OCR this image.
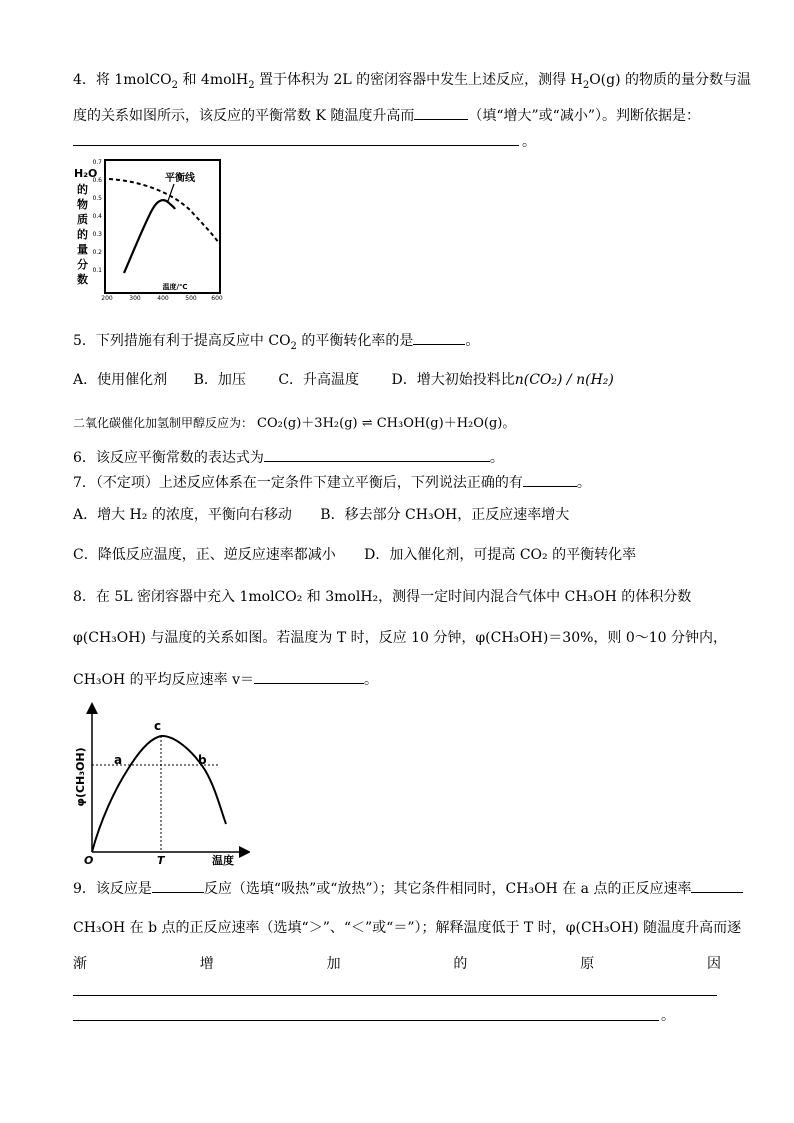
4．将 1molCO$_2$ 和 4molH$_2$ 置于体积为 2L 的密闭容器中发生上述反应，测得 $H_2O(g)$ 的物质的量分数与温
度的关系如图所示，该反应的平衡常数 K 随温度升高而	（填“增大”或“减小”）。判断依据是：
。
H₂O
的
物
质
的
量
分
数
0.7
0.6
0.5
0.4
0.3
0.2
0.1
200	300	400	500 600
温度/℃
平衡线
5．下列措施有利于提高反应中 $CO_2$ 的平衡转化率的是	。
A．使用催化剂 B．加压 C．升高温度 D．增大初始投料比n(CO₂) / n(H₂)
二氧化碳催化加氢制甲醇反应为： CO₂(g)＋3H₂(g) ⇌ CH₃OH(g)＋H₂O(g)。
6．该反应平衡常数的表达式为	。
7．（不定项）上述反应体系在一定条件下建立平衡后，下列说法正确的有	。
A．增大 H₂ 的浓度，平衡向右移动 B．移去部分 CH₃OH，正反应速率增大
C．降低反应温度，正、逆反应速率都减小 D．加入催化剂，可提高 CO₂ 的平衡转化率
8．在 5L 密闭容器中充入 1molCO₂ 和 3molH₂，测得一定时间内混合气体中 CH₃OH 的体积分数
φ(CH₃OH) 与温度的关系如图。若温度为 T 时，反应 10 分钟，φ(CH₃OH)＝30%，则 0～10 分钟内，
CH₃OH 的平均反应速率 v＝	。
φ(CH₃OH)
O	T	温度
a	b
c
9．该反应是	反应（选填“吸热”或“放热”）；其它条件相同时，CH₃OH 在 a 点的正反应速率
CH₃OH 在 b 点的正反应速率（选填“＞”、“＜”或“＝”）；解释温度低于 T 时，φ(CH₃OH) 随温度升高而逐
渐	增	加	的	原	因
。
